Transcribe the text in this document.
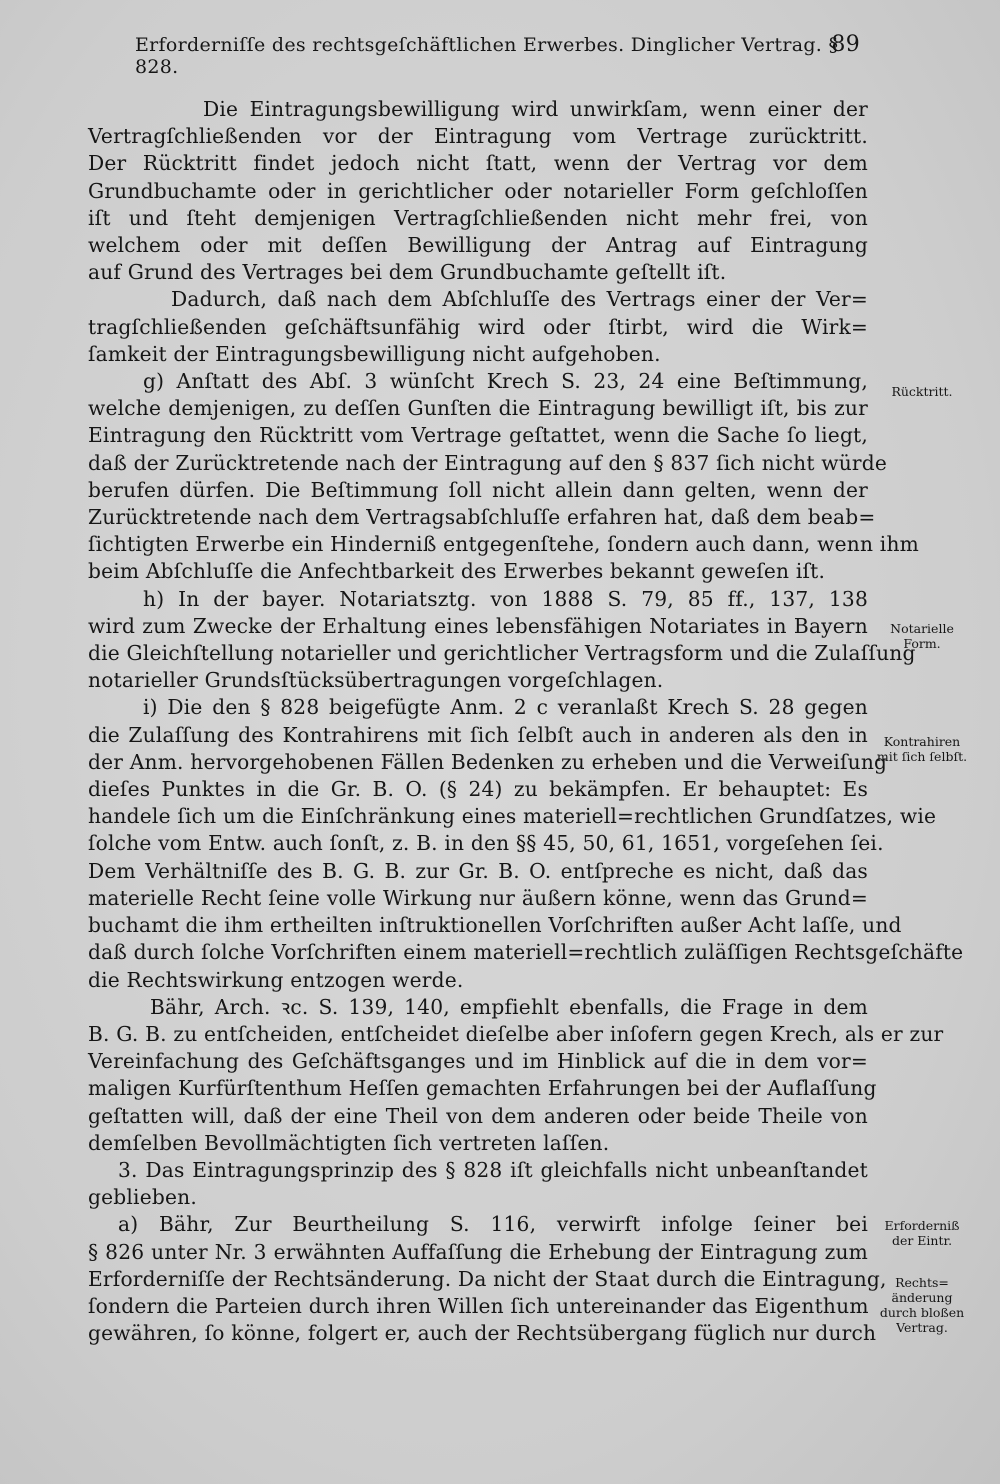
Erforderniſſe des rechtsgeſchäftlichen Erwerbes. Dinglicher Vertrag. § 828.
89
Die Eintragungsbewilligung wird unwirkſam, wenn einer der
Vertragſchließenden vor der Eintragung vom Vertrage zurücktritt.
Der Rücktritt findet jedoch nicht ſtatt, wenn der Vertrag vor dem
Grundbuchamte oder in gerichtlicher oder notarieller Form geſchloſſen
iſt und ſteht demjenigen Vertragſchließenden nicht mehr frei, von
welchem oder mit deſſen Bewilligung der Antrag auf Eintragung
auf Grund des Vertrages bei dem Grundbuchamte geſtellt iſt.
Dadurch, daß nach dem Abſchluſſe des Vertrags einer der Ver=
tragſchließenden geſchäftsunfähig wird oder ſtirbt, wird die Wirk=
ſamkeit der Eintragungsbewilligung nicht aufgehoben.
g) Anſtatt des Abſ. 3 wünſcht Krech S. 23, 24 eine Beſtimmung,
welche demjenigen, zu deſſen Gunſten die Eintragung bewilligt iſt, bis zur
Eintragung den Rücktritt vom Vertrage geſtattet, wenn die Sache ſo liegt,
daß der Zurücktretende nach der Eintragung auf den § 837 ſich nicht würde
berufen dürfen. Die Beſtimmung ſoll nicht allein dann gelten, wenn der
Zurücktretende nach dem Vertragsabſchluſſe erfahren hat, daß dem beab=
ſichtigten Erwerbe ein Hinderniß entgegenſtehe, ſondern auch dann, wenn ihm
beim Abſchluſſe die Anfechtbarkeit des Erwerbes bekannt geweſen iſt.
h) In der bayer. Notariatsztg. von 1888 S. 79, 85 ff., 137, 138
wird zum Zwecke der Erhaltung eines lebensfähigen Notariates in Bayern
die Gleichſtellung notarieller und gerichtlicher Vertragsform und die Zulaſſung
notarieller Grundsſtücksübertragungen vorgeſchlagen.
i) Die den § 828 beigefügte Anm. 2 c veranlaßt Krech S. 28 gegen
die Zulaſſung des Kontrahirens mit ſich ſelbſt auch in anderen als den in
der Anm. hervorgehobenen Fällen Bedenken zu erheben und die Verweiſung
dieſes Punktes in die Gr. B. O. (§ 24) zu bekämpfen. Er behauptet: Es
handele ſich um die Einſchränkung eines materiell=rechtlichen Grundſatzes, wie
ſolche vom Entw. auch ſonſt, z. B. in den §§ 45, 50, 61, 1651, vorgeſehen ſei.
Dem Verhältniſſe des B. G. B. zur Gr. B. O. entſpreche es nicht, daß das
materielle Recht ſeine volle Wirkung nur äußern könne, wenn das Grund=
buchamt die ihm ertheilten inſtruktionellen Vorſchriften außer Acht laſſe, und
daß durch ſolche Vorſchriften einem materiell=rechtlich zuläſſigen Rechtsgeſchäfte
die Rechtswirkung entzogen werde.
Bähr, Arch. ꝛc. S. 139, 140, empfiehlt ebenfalls, die Frage in dem
B. G. B. zu entſcheiden, entſcheidet dieſelbe aber inſofern gegen Krech, als er zur
Vereinfachung des Geſchäftsganges und im Hinblick auf die in dem vor=
maligen Kurfürſtenthum Heſſen gemachten Erfahrungen bei der Auflaſſung
geſtatten will, daß der eine Theil von dem anderen oder beide Theile von
demſelben Bevollmächtigten ſich vertreten laſſen.
3. Das Eintragungsprinzip des § 828 iſt gleichfalls nicht unbeanſtandet
geblieben.
a) Bähr, Zur Beurtheilung S. 116, verwirft infolge ſeiner bei
§ 826 unter Nr. 3 erwähnten Auffaſſung die Erhebung der Eintragung zum
Erforderniſſe der Rechtsänderung. Da nicht der Staat durch die Eintragung,
ſondern die Parteien durch ihren Willen ſich untereinander das Eigenthum
gewähren, ſo könne, folgert er, auch der Rechtsübergang füglich nur durch
Rücktritt.
Notarielle
Form.
Kontrahiren
mit ſich ſelbſt.
Erforderniß
der Eintr.
Rechts=
änderung
durch bloßen
Vertrag.
